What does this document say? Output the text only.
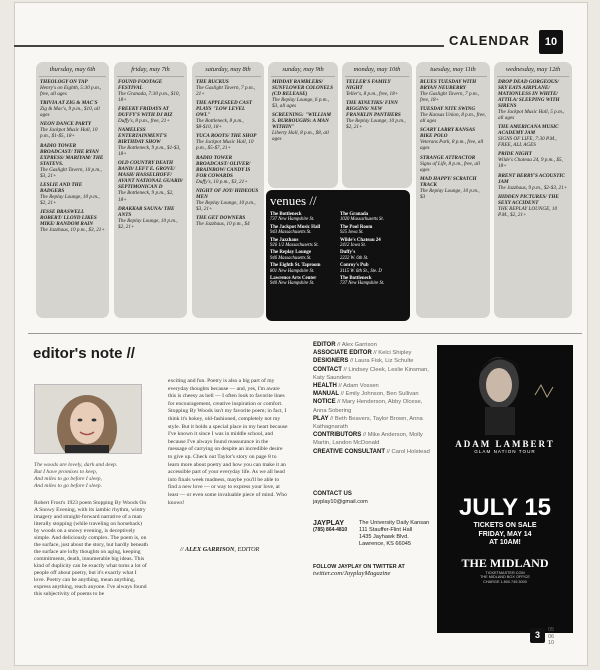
CALENDAR	10
thursday, may 6th
THEOLOGY ON TAP
Henry's on Eighth, 5:30 p.m., free, all ages
TRIVIA AT ZIG & MAC'S
Zig & Mac's, 9 p.m., $10, all ages
NEON DANCE PARTY
The Jackpot Music Hall, 10 p.m., $1-$5, 18+
RADIO TOWER BROADCAST/ THE RYAN EXPRESS/ MARIYAM/ THE STATEVS.
The Gaslight Tavern, 10 p.m., $3, 21+
LESLIE AND THE BADGERS
The Replay Lounge, 10 p.m., $2, 21+
JESSE BRASWELL ROBERT/ LLOYD LIKES MIKE/ RANDOM RAIN
The Jazzhaus, 10 p.m., $3, 21+
friday, may 7th
FOUND FOOTAGE FESTIVAL
The Granada, 7:30 p.m., $10, 18+
FREEKY FRIDAYS AT DUFFY'S WITH DJ BIZ
Duffy's, 8 p.m., free, 21+
NAMELESS ENTERTAINMENT'S BIRTHDAY SHOW
The Bottleneck, 9 p.m., $1-$3, 18+
OLD COUNTRY DEATH BAND/ LEFT E. GROVE/ MASH/ HASSELHOFF/ AVANT NATIONAL GUARD/ SEPTIMONICAN D
The Bottleneck, 9 p.m., $2, 18+
DRAKKAR SAUNA/ THE ANTS
The Replay Lounge, 10 p.m., $2, 21+
saturday, may 8th
THE RUCKUS
The Gaslight Tavern, 7 p.m., 21+
THE APPLESEED CAST PLAYS "LOW LEVEL OWL"
The Bottleneck, 8 p.m., $8-$10, 18+
YUCA ROOTS/ THE SHOP
The Jackpot Music Hall, 10 p.m., $5-$7, 21+
RADIO TOWER BROADCAST/ OLIVER/ BRAINBOW/ CANDY IS FOR COWARDS
Duffy's, 10 p.m., $3, 21+
NIGHT OF JOY/ HIDEOUS MEN
The Replay Lounge, 10 p.m., $3, 21+
THE GET DOWNERS
The Jazzhaus, 10 p.m., $4
sunday, may 9th
MIDDAY RAMBLERS/ SUNFLOWER COLONELS (CD RELEASE)
The Replay Lounge, 6 p.m., $3, all ages
SCREENING: "WILLIAM S. BURROUGHS: A MAN WITHIN"
Liberty Hall, 8 p.m., $8, all ages
monday, may 10th
TELLER'S FAMILY NIGHT
Teller's, 8 p.m., free, 18+
THE KINETIKS/ FINN RIGGINS/ NEW FRANKLIN PANTHERS
The Replay Lounge, 10 p.m., $2, 21+
tuesday, may 11th
BLUES TUESDAY WITH BRYAN NEUBERRY
The Gaslight Tavern, 7 p.m., free, 18+
TUESDAY NITE SWING
The Kansas Union, 8 p.m., free, all ages
SCARY LARRY KANSAS BIKE POLO
Veterans Park, 8 p.m., free, all ages
STRANGE ATTRACTOR
Signs of Life, 8 p.m., free, all ages
MAD HAPPY/ SCRATCH TRACK
The Replay Lounge, 10 p.m., $3
wednesday, may 12th
DROP DEAD GORGEOUS/ SKY EATS AIRPLANE/ MATIONLESS IN WHITE/ ATTILA/ SLEEPING WITH SIRENS
The Jackpot Music Hall, 5 p.m., all ages
THE AMERICANA MUSIC ACADEMY JAM
SIGNS OF LIFE, 7:30 P.M., FREE, ALL AGES
PRIDE NIGHT
Wilde's Chateau 24, 9 p.m., $5, 18+
BRENT BERRY'S ACOUSTIC JAM
The Jazzhaus, 9 p.m., $2-$3, 21+
HIDDEN PICTURES/ THE SEXY ACCIDENT
THE REPLAY LOUNGE, 10 P.M., $2, 21+
venues //
The Bottleneck
737 New Hampshire St.
The Granada
1020 Massachusetts St.
The Jackpot Music Hall
943 Massachusetts St.
The Pool Room
925 Iowa St.
The Jazzhaus
926 1/2 Massachusetts St.
Wilde's Chateau 24
2412 Iowa St.
The Replay Lounge
946 Massachusetts St.
Duffy's
2222 W. 6th St.
The Eighth St. Taproom
801 New Hampshire St.
Conroy's Pub
3115 W. 6th St., Ste. D
Lawrence Arts Center
940 New Hampshire St.
The Bottleneck
737 New Hampshire St.
editor's note //
The woods are lovely, dark and deep.
But I have promises to keep,
And miles to go before I sleep,
And miles to go before I sleep.
Robert Frost's 1923 poem Stopping By Woods On A Snowy Evening, with its iambic rhythm, wintry imagery and straight-forward narrative of a man literally stopping (while traveling on horseback) by woods on a snowy evening, is deceptively simple. And deliciously complex. The poem is, on the surface, just about the story, but hardly beneath the surface are lofty thoughts on aging, keeping commitments, death, innumerable big ideas. This kind of duplicity can be exactly what turns a lot of people off about poetry, but it's exactly what I love. Poetry can be anything, mean anything, express anything, reach anyone. I've always found this subjectivity of poems to be
exciting and fun. Poetry is also a big part of my everyday thoughts because — and, yes, I'm aware this is cheesy as hell — I often look to favorite lines for encouragement, creative inspiration or comfort. Stopping By Woods isn't my favorite poem; in fact, I think it's hokey, old-fashioned, completely not my style. But it holds a special place in my heart because I've known it since I was in middle school, and because I've always found reassurance in the message of carrying on despite an incredible desire to give up. Check out Taylor's story on page 8 to learn more about poetry and how you can make it an accessible part of your everyday life. As we all head into finals week madness, maybe you'll be able to find a new love — or way to express your love, at least — or even some invaluable piece of mind. Who knows!
// ALEX GARRISON, EDITOR
EDITOR // Alex Garrison
ASSOCIATE EDITOR // Kelci Shipley
DESIGNERS // Laura Fisk, Liz Schulte
CONTACT // Lindsey Cleek, Leslie Kinsman, Katy Saunders
HEALTH // Adam Vossen
MANUAL // Emily Johnson, Ben Sullivan
NOTICE // Mary Henderson, Abby Olcese, Anna Sobering
PLAY // Beth Beavers, Taylor Brown, Anna Kathagnarath
CONTRIBUTORS // Mike Anderson, Molly Martin, Landon McDonald
CREATIVE CONSULTANT // Carol Holstead
CONTACT US
jayplay10@gmail.com
JAYPLAY
(785) 864-4810
The University Daily Kansan
111 Stauffer-Flint Hall
1435 Jayhawk Blvd.
Lawrence, KS 66045
FOLLOW JAYPLAY ON TWITTER AT
twitter.com/JayplayMagazine
ADAM LAMBERT
GLAM NATION TOUR
JULY 15
TICKETS ON SALE
FRIDAY, MAY 14
AT 10AM!
THE MIDLAND
TICKETMASTER.COM
THE MIDLAND BOX OFFICE
CHARGE 1.800.745.3000
3	05
06
10
